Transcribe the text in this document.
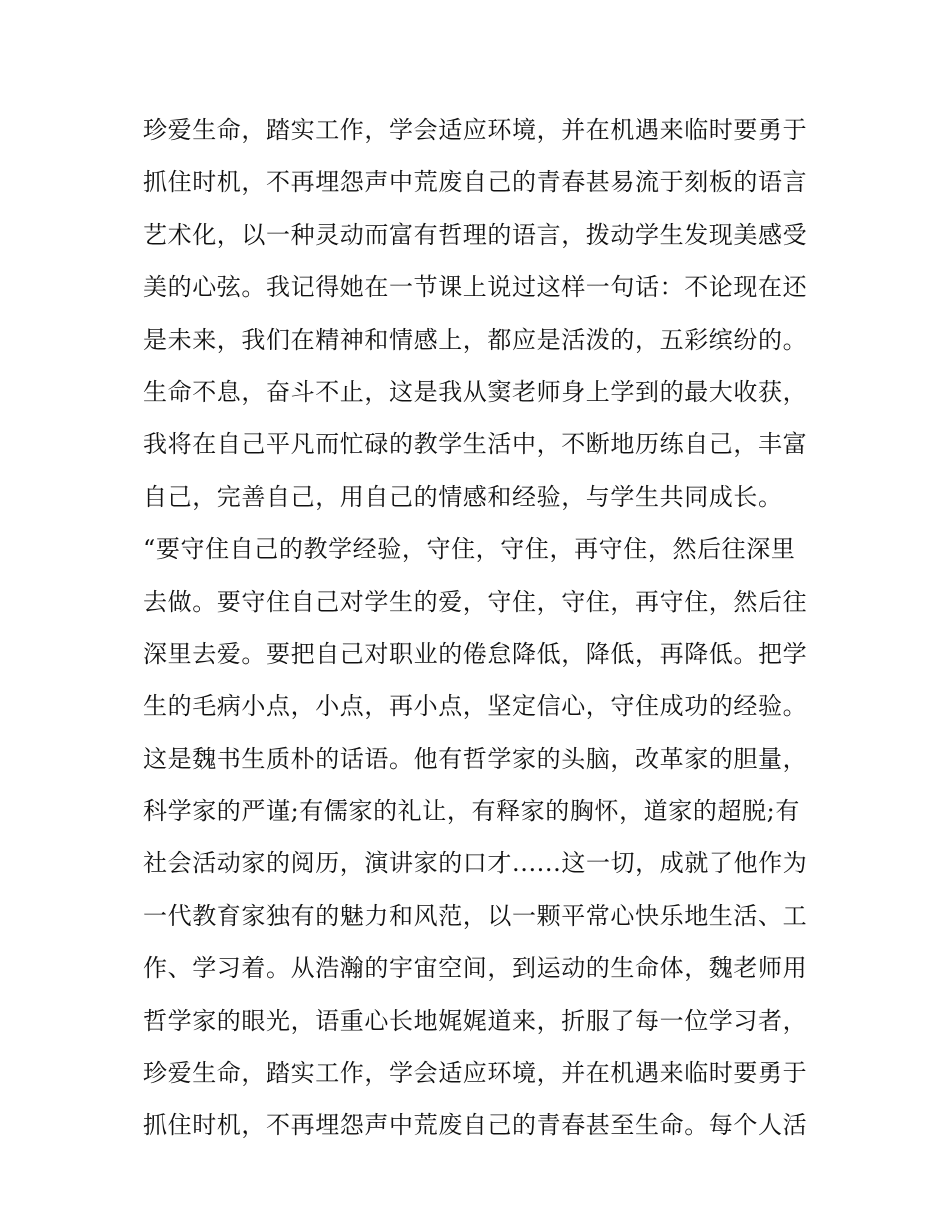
珍爱生命，踏实工作，学会适应环境，并在机遇来临时要勇于
抓住时机，不再埋怨声中荒废自己的青春甚易流于刻板的语言
艺术化，以一种灵动而富有哲理的语言，拨动学生发现美感受
美的心弦。我记得她在一节课上说过这样一句话：不论现在还
是未来，我们在精神和情感上，都应是活泼的，五彩缤纷的。
生命不息，奋斗不止，这是我从窦老师身上学到的最大收获，
我将在自己平凡而忙碌的教学生活中，不断地历练自己，丰富
自己，完善自己，用自己的情感和经验，与学生共同成长。
“要守住自己的教学经验，守住，守住，再守住，然后往深里
去做。要守住自己对学生的爱，守住，守住，再守住，然后往
深里去爱。要把自己对职业的倦怠降低，降低，再降低。把学
生的毛病小点，小点，再小点，坚定信心，守住成功的经验。
这是魏书生质朴的话语。他有哲学家的头脑，改革家的胆量，
科学家的严谨;有儒家的礼让，有释家的胸怀，道家的超脱;有
社会活动家的阅历，演讲家的口才......这一切，成就了他作为
一代教育家独有的魅力和风范，以一颗平常心快乐地生活、工
作、学习着。从浩瀚的宇宙空间，到运动的生命体，魏老师用
哲学家的眼光，语重心长地娓娓道来，折服了每一位学习者，
珍爱生命，踏实工作，学会适应环境，并在机遇来临时要勇于
抓住时机，不再埋怨声中荒废自己的青春甚至生命。每个人活
